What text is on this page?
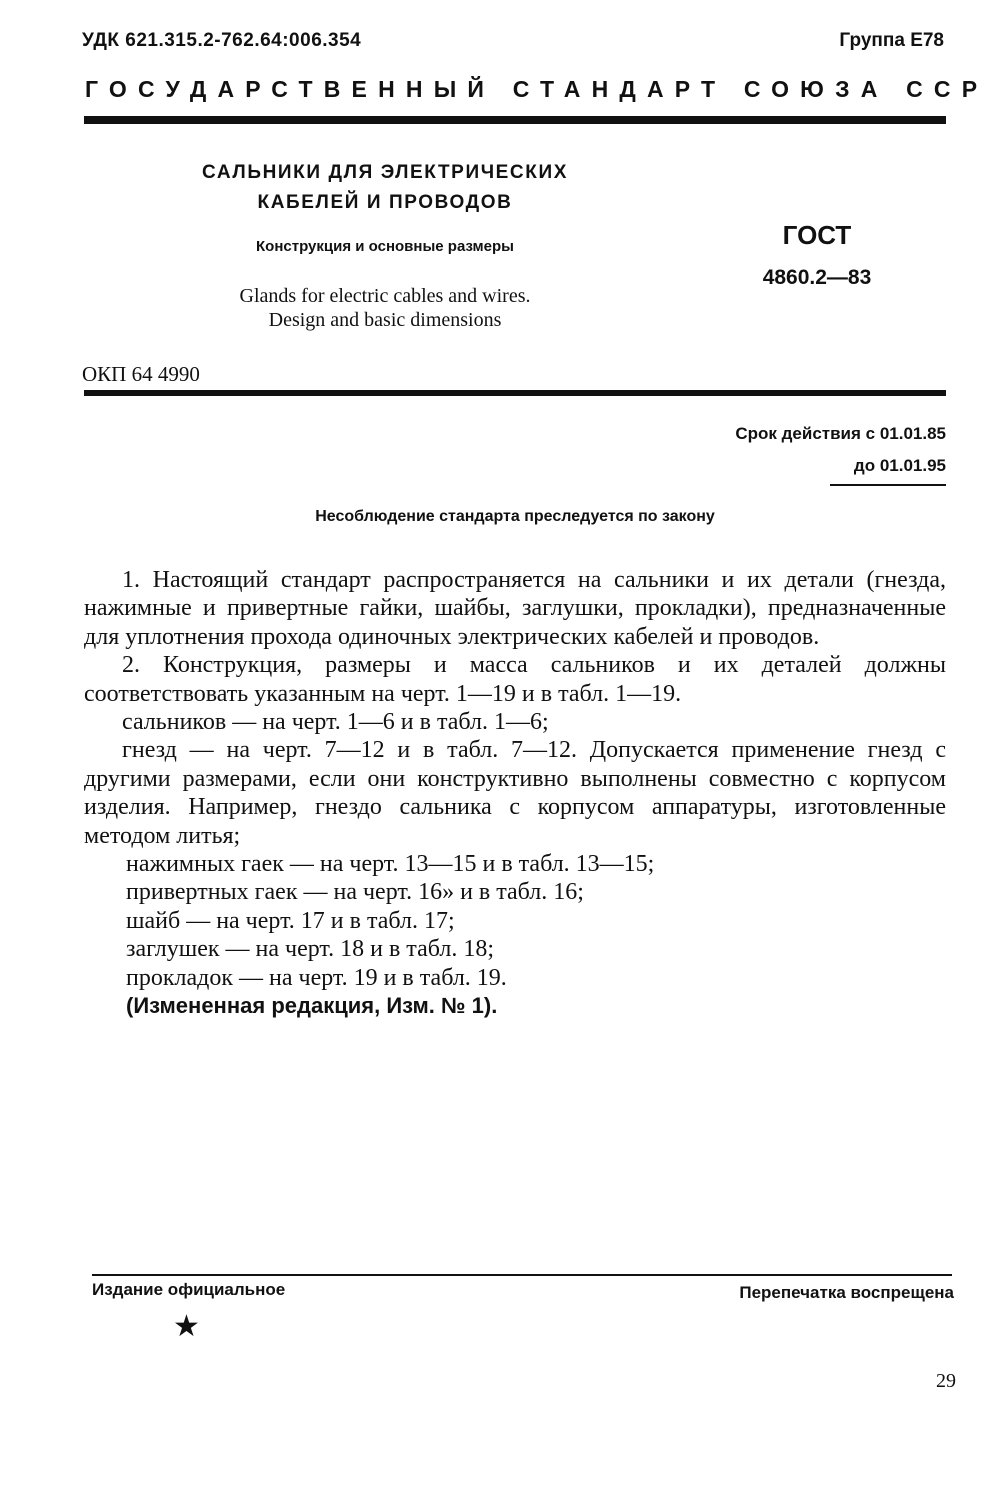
УДК 621.315.2-762.64:006.354	Группа Е78
ГОСУДАРСТВЕННЫЙ СТАНДАРТ СОЮЗА ССР
САЛЬНИКИ ДЛЯ ЭЛЕКТРИЧЕСКИХ
КАБЕЛЕЙ И ПРОВОДОВ
Конструкция и основные размеры
Glands for electric cables and wires.
Design and basic dimensions
ГОСТ
4860.2—83
ОКП 64 4990
Срок действия с 01.01.85
до 01.01.95
Несоблюдение стандарта преследуется по закону

1. Настоящий стандарт распространяется на сальники и их детали (гнезда, нажимные и привертные гайки, шайбы, заглушки, прокладки), предназначенные для уплотнения прохода одиночных электрических кабелей и проводов.

2. Конструкция, размеры и масса сальников и их деталей должны соответствовать указанным на черт. 1—19 и в табл. 1—19.

сальников — на черт. 1—6 и в табл. 1—6;

гнезд — на черт. 7—12 и в табл. 7—12. Допускается применение гнезд с другими размерами, если они конструктивно выполнены совместно с корпусом изделия. Например, гнездо сальника с корпусом аппаратуры, изготовленные методом литья;

нажимных гаек — на черт. 13—15 и в табл. 13—15;

привертных гаек — на черт. 16» и в табл. 16;

шайб — на черт. 17 и в табл. 17;

заглушек — на черт. 18 и в табл. 18;

прокладок — на черт. 19 и в табл. 19.

(Измененная редакция, Изм. № 1).

Издание официальное	Перепечатка воспрещена
★
29
